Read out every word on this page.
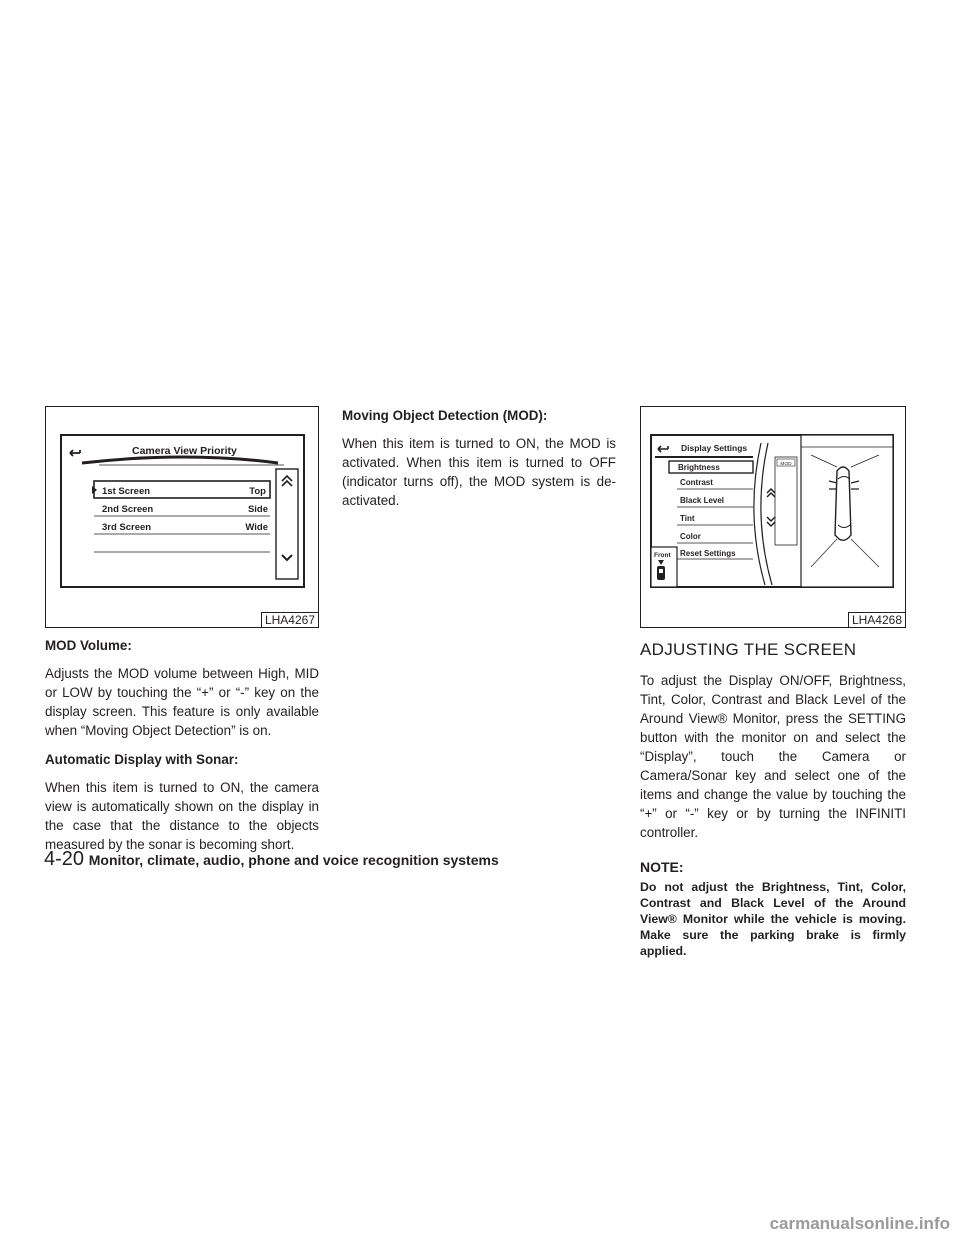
Camera View Priority
1st Screen	Top
2nd Screen	Side
3rd Screen	Wide
LHA4267
Display Settings
Brightness
Contrast
Black Level
Tint
Color
Reset Settings
Front
MOD
LHA4268
MOD Volume:

Adjusts the MOD volume between High, MID or LOW by touching the “+” or “-” key on the display screen. This feature is only available when “Moving Object Detection” is on.

Automatic Display with Sonar:

When this item is turned to ON, the camera view is automatically shown on the display in the case that the distance to the objects measured by the sonar is becoming short.

Moving Object Detection (MOD):

When this item is turned to ON, the MOD is activated. When this item is turned to OFF (indicator turns off), the MOD system is de-activated.

ADJUSTING THE SCREEN

To adjust the Display ON/OFF, Brightness, Tint, Color, Contrast and Black Level of the Around View® Monitor, press the SETTING button with the monitor on and select the “Display”, touch the Camera or Camera/Sonar key and select one of the items and change the value by touching the “+” or “-” key or by turning the INFINITI controller.

NOTE:

Do not adjust the Brightness, Tint, Color, Contrast and Black Level of the Around View® Monitor while the vehicle is moving. Make sure the parking brake is firmly applied.

4-20 Monitor, climate, audio, phone and voice recognition systems
carmanualsonline.info
